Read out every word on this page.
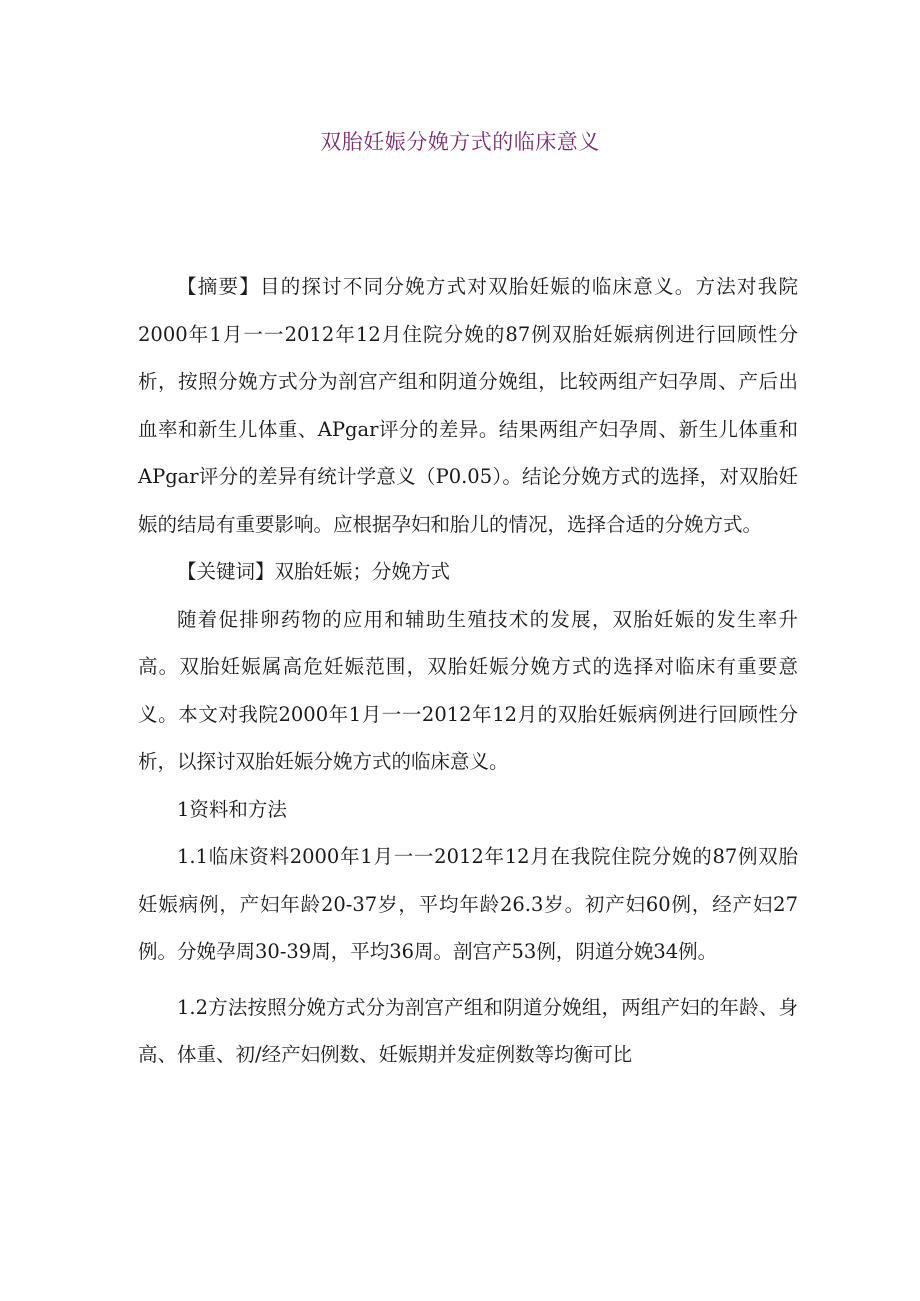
双胎妊娠分娩方式的临床意义

【摘要】目的探讨不同分娩方式对双胎妊娠的临床意义。方法对我院2000年1月一一2012年12月住院分娩的87例双胎妊娠病例进行回顾性分析，按照分娩方式分为剖宫产组和阴道分娩组，比较两组产妇孕周、产后出血率和新生儿体重、APgar评分的差异。结果两组产妇孕周、新生儿体重和APgar评分的差异有统计学意义（P0.05）。结论分娩方式的选择，对双胎妊娠的结局有重要影响。应根据孕妇和胎儿的情况，选择合适的分娩方式。

【关键词】双胎妊娠；分娩方式

随着促排卵药物的应用和辅助生殖技术的发展，双胎妊娠的发生率升高。双胎妊娠属高危妊娠范围，双胎妊娠分娩方式的选择对临床有重要意义。本文对我院2000年1月一一2012年12月的双胎妊娠病例进行回顾性分析，以探讨双胎妊娠分娩方式的临床意义。

1资料和方法

1.1临床资料2000年1月一一2012年12月在我院住院分娩的87例双胎妊娠病例，产妇年龄20-37岁，平均年龄26.3岁。初产妇60例，经产妇27例。分娩孕周30-39周，平均36周。剖宫产53例，阴道分娩34例。

1.2方法按照分娩方式分为剖宫产组和阴道分娩组，两组产妇的年龄、身高、体重、初/经产妇例数、妊娠期并发症例数等均衡可比
